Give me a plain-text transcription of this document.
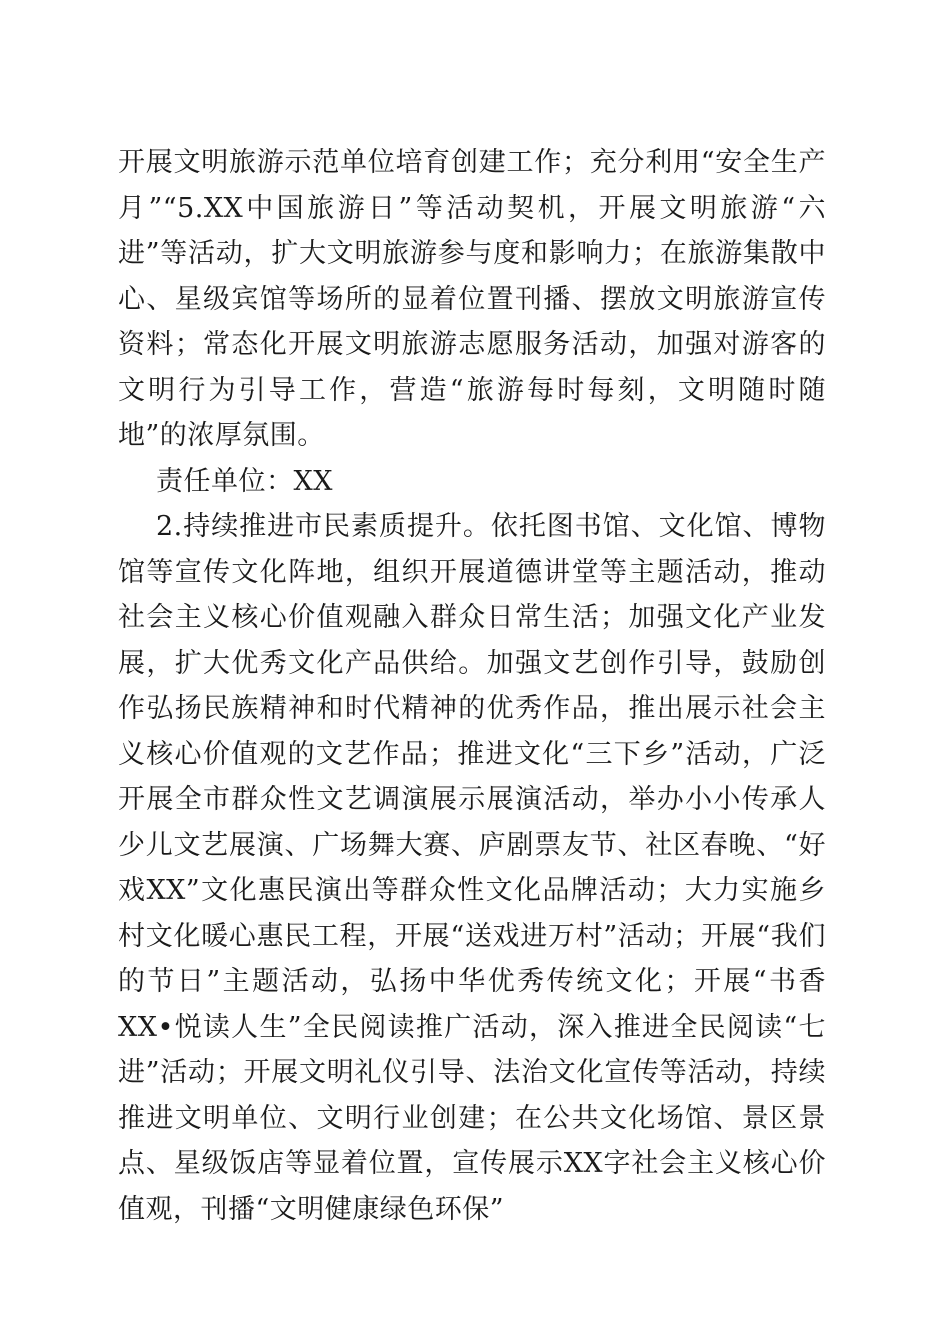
开展文明旅游示范单位培育创建工作；充分利用“安全生产月”“5.XX中国旅游日”等活动契机，开展文明旅游“六进”等活动，扩大文明旅游参与度和影响力；在旅游集散中心、星级宾馆等场所的显着位置刊播、摆放文明旅游宣传资料；常态化开展文明旅游志愿服务活动，加强对游客的文明行为引导工作，营造“旅游每时每刻，文明随时随地”的浓厚氛围。

责任单位：XX

2.持续推进市民素质提升。依托图书馆、文化馆、博物馆等宣传文化阵地，组织开展道德讲堂等主题活动，推动社会主义核心价值观融入群众日常生活；加强文化产业发展，扩大优秀文化产品供给。加强文艺创作引导，鼓励创作弘扬民族精神和时代精神的优秀作品，推出展示社会主义核心价值观的文艺作品；推进文化“三下乡”活动，广泛开展全市群众性文艺调演展示展演活动，举办小小传承人少儿文艺展演、广场舞大赛、庐剧票友节、社区春晚、“好戏XX”文化惠民演出等群众性文化品牌活动；大力实施乡村文化暖心惠民工程，开展“送戏进万村”活动；开展“我们的节日”主题活动，弘扬中华优秀传统文化；开展“书香XX•悦读人生”全民阅读推广活动，深入推进全民阅读“七进”活动；开展文明礼仪引导、法治文化宣传等活动，持续推进文明单位、文明行业创建；在公共文化场馆、景区景点、星级饭店等显着位置，宣传展示XX字社会主义核心价值观，刊播“文明健康绿色环保”
